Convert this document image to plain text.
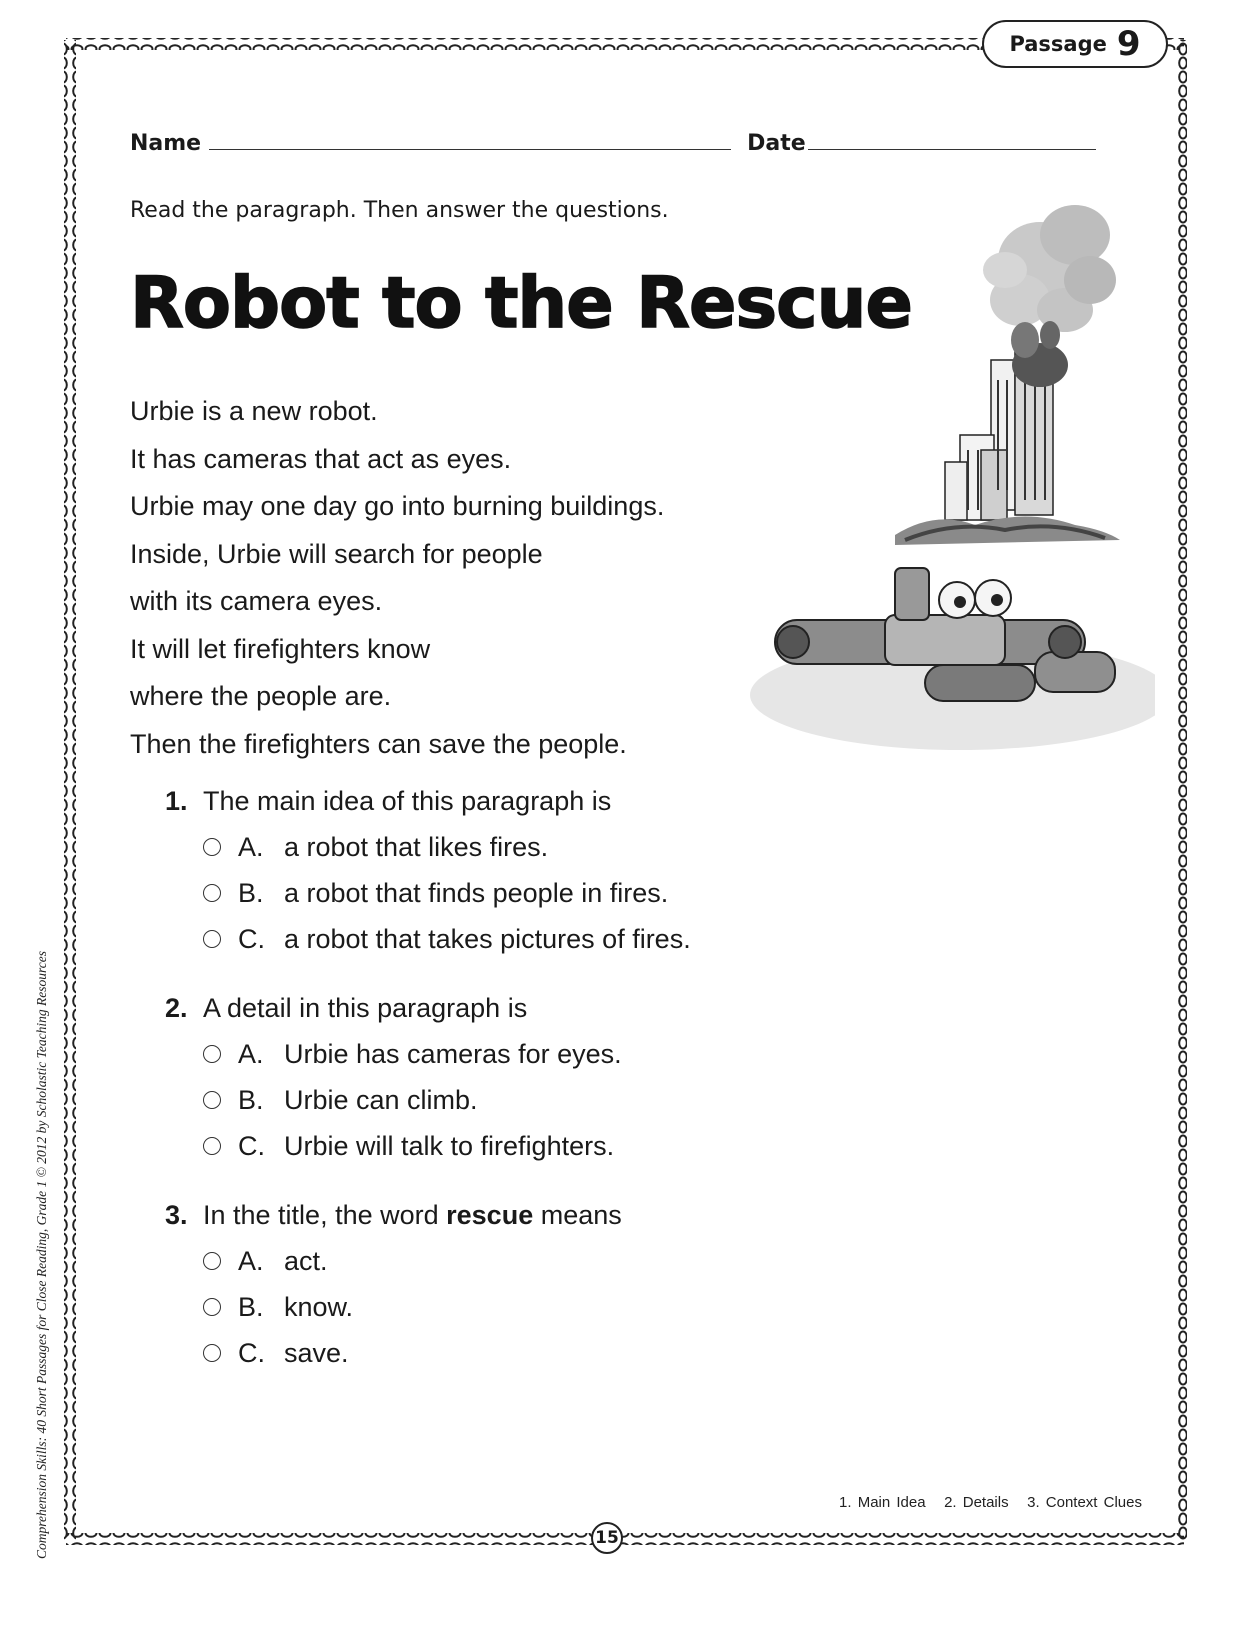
Passage 9
Name	Date
Read the paragraph. Then answer the questions.
Robot to the Rescue
Urbie is a new robot.
It has cameras that act as eyes.
Urbie may one day go into burning buildings.
Inside, Urbie will search for people
with its camera eyes.
It will let firefighters know
where the people are.
Then the firefighters can save the people.
1. The main idea of this paragraph is
A. a robot that likes fires.
B. a robot that finds people in fires.
C. a robot that takes pictures of fires.
2. A detail in this paragraph is
A. Urbie has cameras for eyes.
B. Urbie can climb.
C. Urbie will talk to firefighters.
3. In the title, the word rescue means
A. act.
B. know.
C. save.
1. Main Idea   2. Details   3. Context Clues
15
Comprehension Skills: 40 Short Passages for Close Reading, Grade 1 © 2012 by Scholastic Teaching Resources
